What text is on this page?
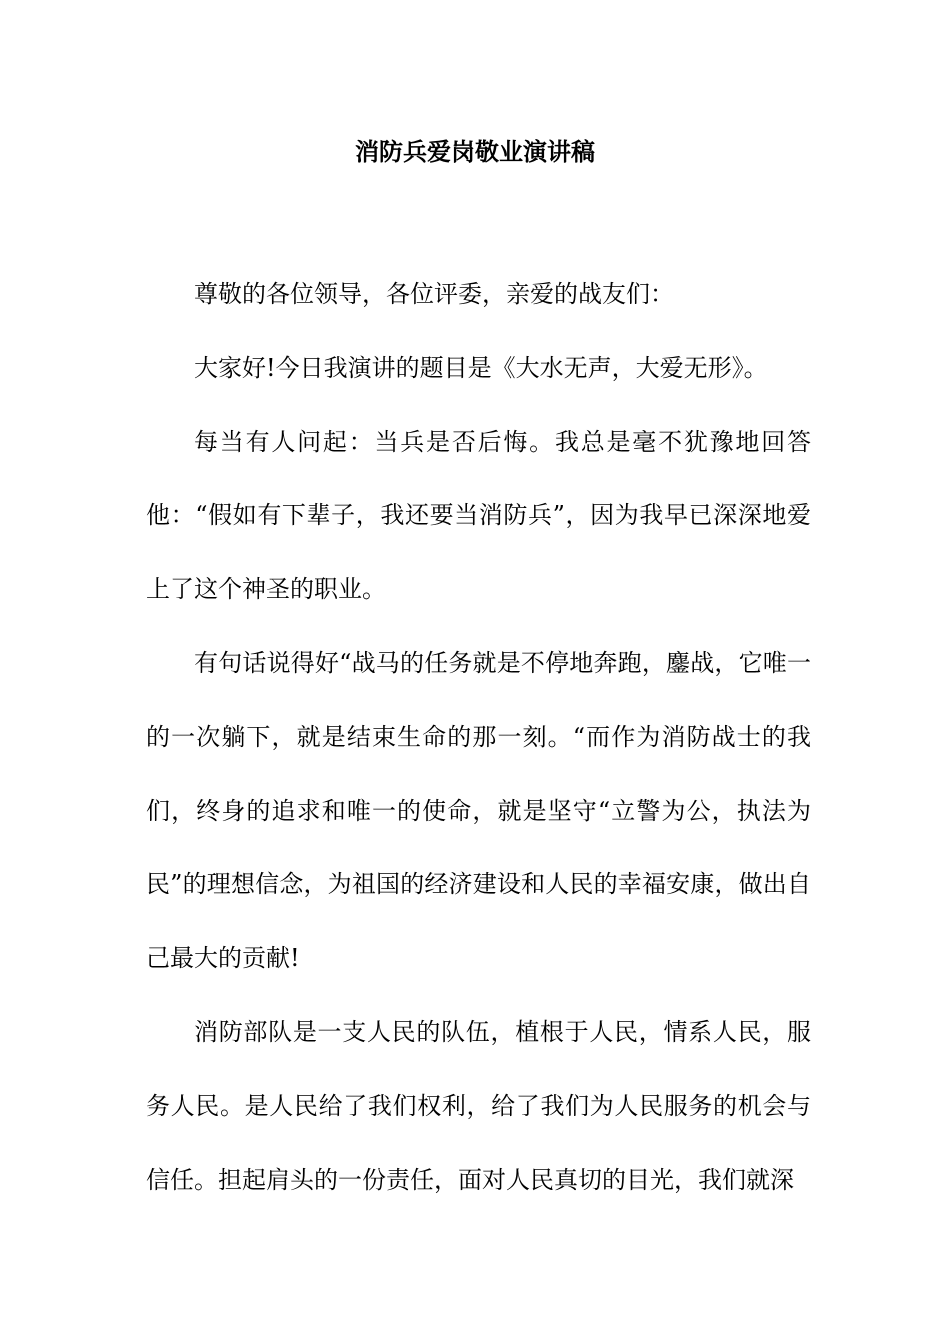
消防兵爱岗敬业演讲稿

尊敬的各位领导，各位评委，亲爱的战友们：

大家好!今日我演讲的题目是《大水无声，大爱无形》。

每当有人问起：当兵是否后悔。我总是毫不犹豫地回答他：“假如有下辈子，我还要当消防兵”，因为我早已深深地爱上了这个神圣的职业。

有句话说得好“战马的任务就是不停地奔跑，鏖战，它唯一的一次躺下，就是结束生命的那一刻。“而作为消防战士的我们，终身的追求和唯一的使命，就是坚守“立警为公，执法为民”的理想信念，为祖国的经济建设和人民的幸福安康，做出自己最大的贡献!

消防部队是一支人民的队伍，植根于人民，情系人民，服务人民。是人民给了我们权利，给了我们为人民服务的机会与信任。担起肩头的一份责任，面对人民真切的目光，我们就深
